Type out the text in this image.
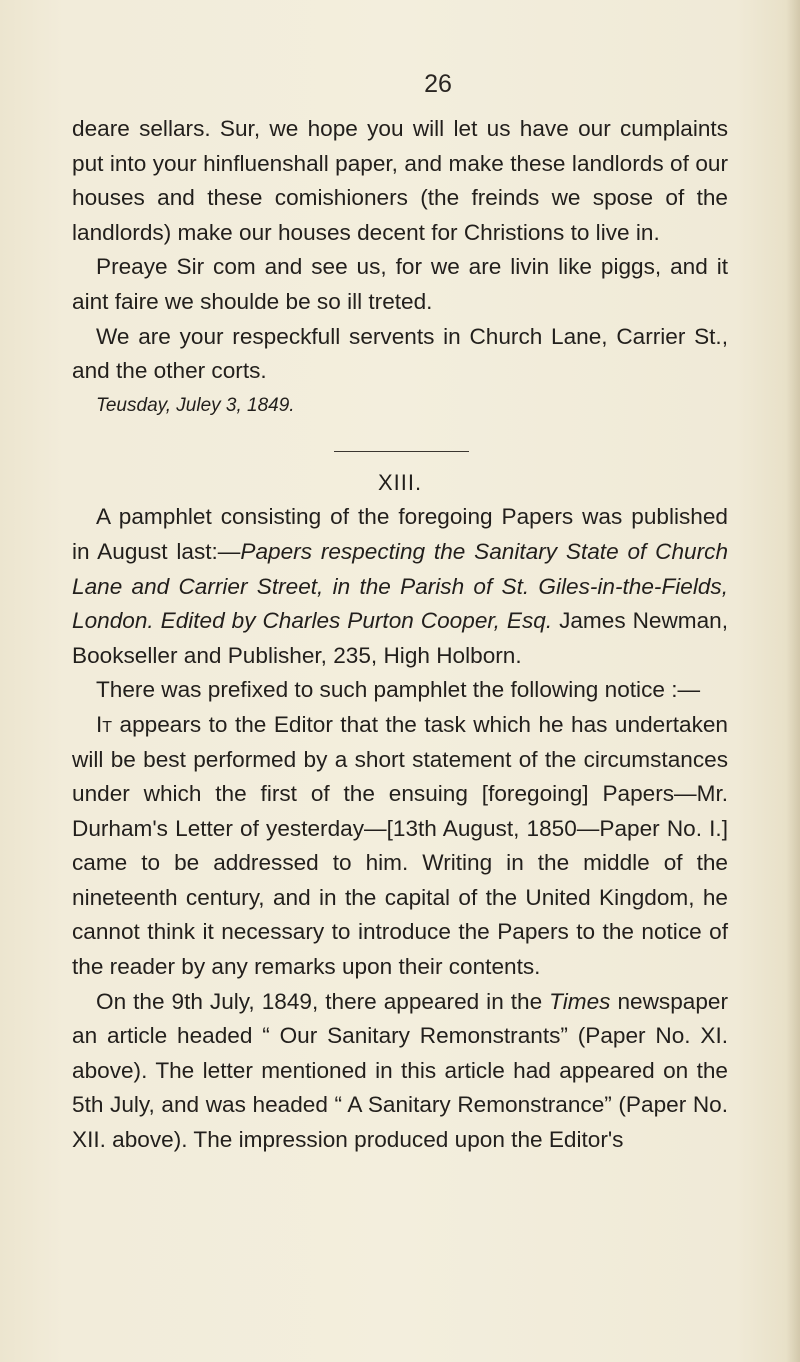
26

deare sellars. Sur, we hope you will let us have our cumplaints put into your hinfluenshall paper, and make these landlords of our houses and these comishioners (the freinds we spose of the landlords) make our houses decent for Christions to live in.

Preaye Sir com and see us, for we are livin like piggs, and it aint faire we shoulde be so ill treted.

We are your respeckfull servents in Church Lane, Carrier St., and the other corts.

Teusday, Juley 3, 1849.

XIII.

A pamphlet consisting of the foregoing Papers was published in August last:—Papers respecting the Sanitary State of Church Lane and Carrier Street, in the Parish of St. Giles-in-the-Fields, London. Edited by Charles Purton Cooper, Esq. James Newman, Bookseller and Publisher, 235, High Holborn.

There was prefixed to such pamphlet the following notice :—

It appears to the Editor that the task which he has undertaken will be best performed by a short statement of the circumstances under which the first of the ensuing [foregoing] Papers—Mr. Durham's Letter of yesterday—[13th August, 1850—Paper No. I.] came to be addressed to him. Writing in the middle of the nineteenth century, and in the capital of the United Kingdom, he cannot think it necessary to introduce the Papers to the notice of the reader by any remarks upon their contents.

On the 9th July, 1849, there appeared in the Times newspaper an article headed “ Our Sanitary Remonstrants” (Paper No. XI. above). The letter mentioned in this article had appeared on the 5th July, and was headed “ A Sanitary Remonstrance” (Paper No. XII. above). The impression produced upon the Editor's
